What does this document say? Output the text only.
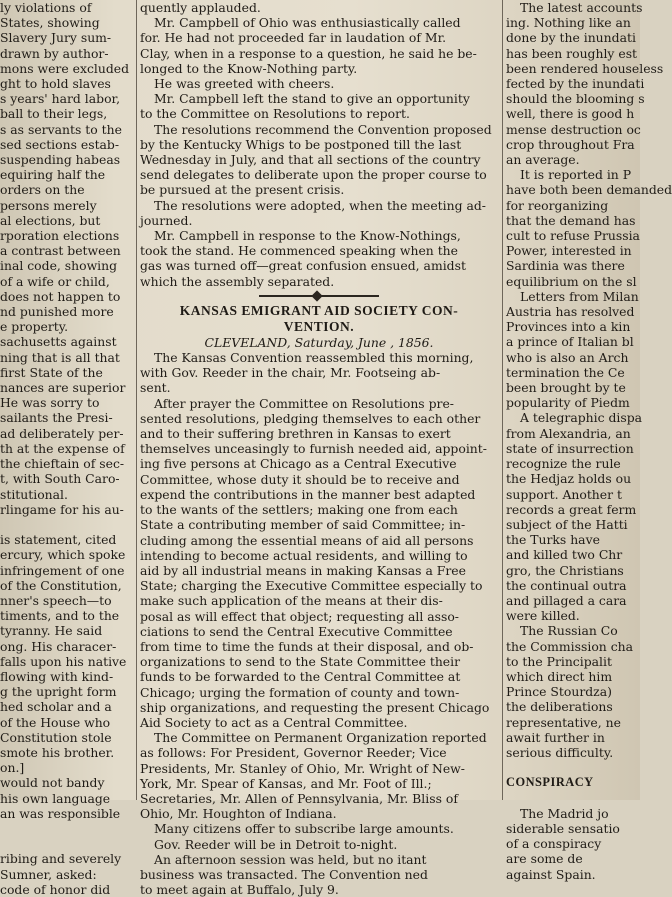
ly violations of
States, showing
Slavery Jury sum-
drawn by author-
mons were excluded
ght to hold slaves
s years' hard labor,
ball to their legs,
s as servants to the
sed sections estab-
suspending habeas
equiring half the
orders on the
persons merely
al elections, but
rporation elections
a contrast between
inal code, showing
of a wife or child,
does not happen to
nd punished more
e property.
sachusetts against
ning that is all that
first State of the
nances are superior
He was sorry to
sailants the Presi-
ad deliberately per-
th at the expense of
the chieftain of sec-
t, with South Caro-
stitutional.
rlingame for his au-

is statement, cited
ercury, which spoke
infringement of one
of the Constitution,
nner's speech—to
timents, and to the
tyranny. He said
ong. His characer-
falls upon his native
flowing with kind-
g the upright form
hed scholar and a
of the House who
Constitution stole
smote his brother.
on.]
would not bandy
his own language
an was responsible

ribing and severely
Sumner, asked:
code of honor did
quently applauded.
Mr. Campbell of Ohio was enthusiastically called
for. He had not proceeded far in laudation of Mr.
Clay, when in a response to a question, he said he be-
longed to the Know-Nothing party.
He was greeted with cheers.
Mr. Campbell left the stand to give an opportunity
to the Committee on Resolutions to report.
The resolutions recommend the Convention proposed
by the Kentucky Whigs to be postponed till the last
Wednesday in July, and that all sections of the country
send delegates to deliberate upon the proper course to
be pursued at the present crisis.
The resolutions were adopted, when the meeting ad-
journed.
Mr. Campbell in response to the Know-Nothings,
took the stand. He commenced speaking when the
gas was turned off—great confusion ensued, amidst
which the assembly separated.

KANSAS EMIGRANT AID SOCIETY CON-

VENTION.

CLEVELAND, Saturday, June , 1856.

The Kansas Convention reassembled this morning,
with Gov. Reeder in the chair, Mr. Footseing ab-
sent.
After prayer the Committee on Resolutions pre-
sented resolutions, pledging themselves to each other
and to their suffering brethren in Kansas to exert
themselves unceasingly to furnish needed aid, appoint-
ing five persons at Chicago as a Central Executive
Committee, whose duty it should be to receive and
expend the contributions in the manner best adapted
to the wants of the settlers; making one from each
State a contributing member of said Committee; in-
cluding among the essential means of aid all persons
intending to become actual residents, and willing to
aid by all industrial means in making Kansas a Free
State; charging the Executive Committee especially to
make such application of the means at their dis-
posal as will effect that object; requesting all asso-
ciations to send the Central Executive Committee
from time to time the funds at their disposal, and ob-
organizations to send to the State Committee their
funds to be forwarded to the Central Committee at
Chicago; urging the formation of county and town-
ship organizations, and requesting the present Chicago
Aid Society to act as a Central Committee.
The Committee on Permanent Organization reported
as follows: For President, Governor Reeder; Vice
Presidents, Mr. Stanley of Ohio, Mr. Wright of New-
York, Mr. Spear of Kansas, and Mr. Foot of Ill.;
Secretaries, Mr. Allen of Pennsylvania, Mr. Bliss of
Ohio, Mr. Houghton of Indiana.
Many citizens offer to subscribe large amounts.
Gov. Reeder will be in Detroit to-night.
An afternoon session was held, but no itant
business was transacted. The Convention ned
to meet again at Buffalo, July 9.
The latest accounts
ing. Nothing like an
done by the inundati
has been roughly est
been rendered houseless
fected by the inundati
should the blooming s
well, there is good h
mense destruction oc
crop throughout Fra
an average.
It is reported in P
have both been demanded
for reorganizing
that the demand has
cult to refuse Prussia
Power, interested in
Sardinia was there
equilibrium on the sl
Letters from Milan
Austria has resolved
Provinces into a kin
a prince of Italian bl
who is also an Arch
termination the Ce
been brought by te
popularity of Piedm
A telegraphic dispa
from Alexandria, an
state of insurrection
recognize the rule
the Hedjaz holds ou
support. Another t
records a great ferm
subject of the Hatti
the Turks have
and killed two Chr
gro, the Christians
the continual outra
and pillaged a cara
were killed.
The Russian Co
the Commission cha
to the Principalit
which direct him
Prince Stourdza)
the deliberations
representative, ne
await further in
serious difficulty.

CONSPIRACY

The Madrid jo
siderable sensatio
of a conspiracy
are some de
against Spain.
